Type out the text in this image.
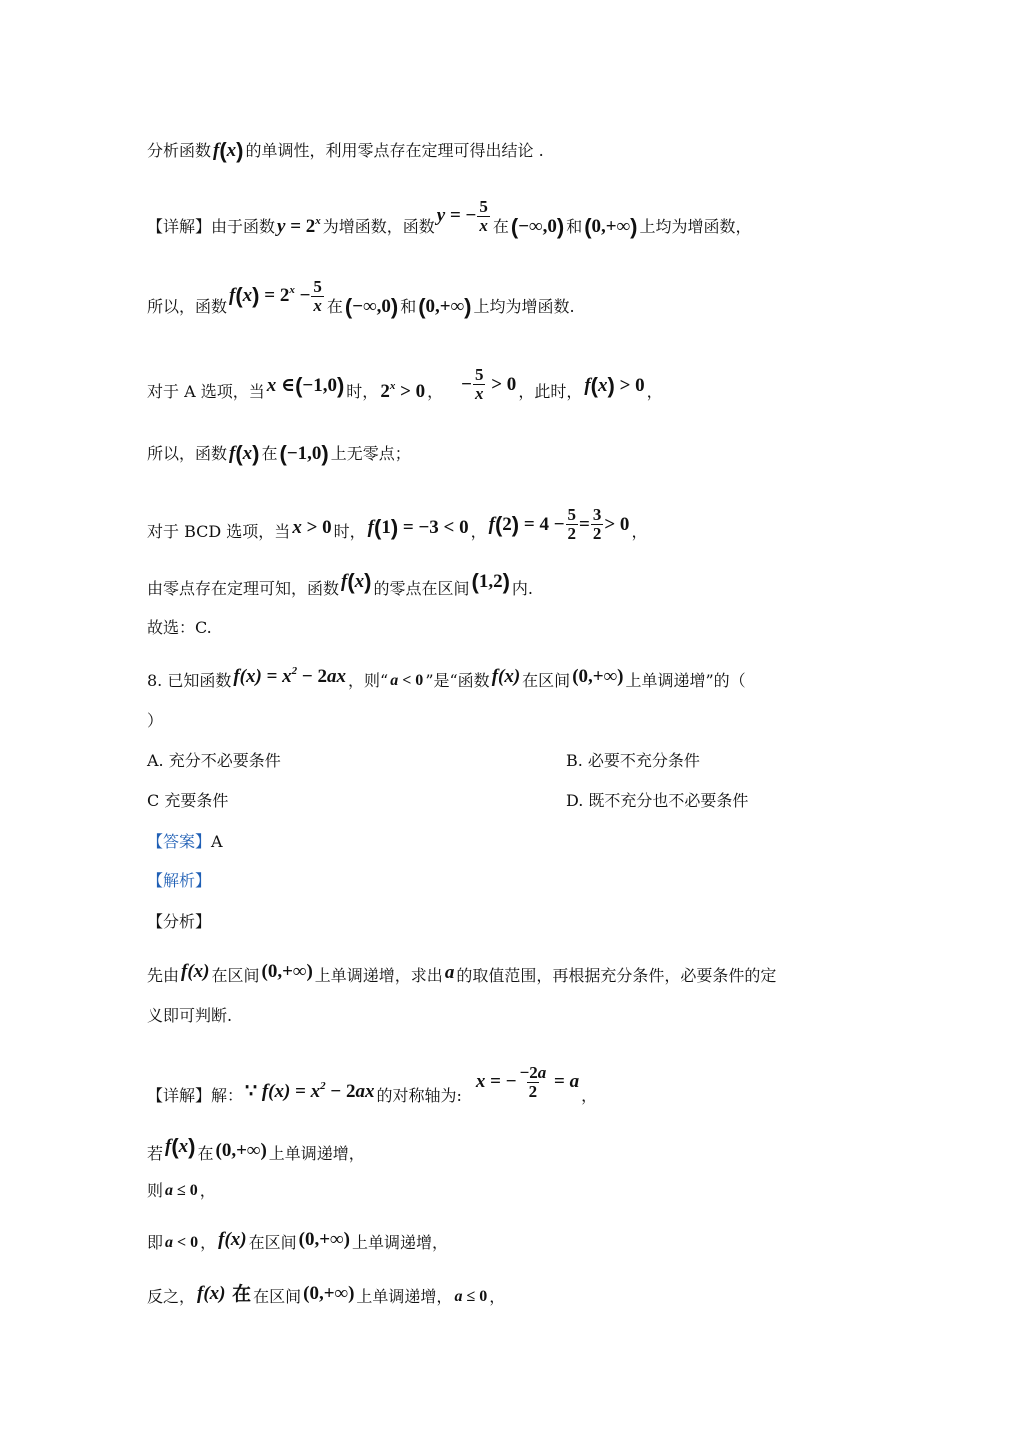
分析函数 f ( x ) 的单调性，利用零点存在定理可得出结论 .
【详解】由于函数 y =
2$^x$ 为增函数，函数
y = − $\frac{5}{x}$ 在 ( −∞,0 ) 和 ( 0,+∞ ) 上均为增函数，
所以，函数
f ( x )
= $2^x$
− $\frac{5}{x}$ 在 ( −∞,0 ) 和 ( 0,+∞ ) 上均为增函数.
对于 A 选项，当 x ∈ ( −1,0 ) 时， 2$^x$
> 0 ， − $\frac{5}{x} > 0$ ，此时， f ( x ) > 0 ，
所以，函数 f ( x ) 在 ( −1,0 ) 上无零点；
对于 BCD 选项，当 x > 0 时， f ( 1 ) = −3 < 0 ， f ( 2 ) = $4 - \frac{5}{2} = \frac{3}{2} > 0$ ，
由零点存在定理可知，函数 f ( x ) 的零点在区间 ( 1,2 ) 内.
故选：C.
8. 已知函数 $f(x) = x^2 - 2$ ax ，则“ a < 0 ”是“函数 f(x) 在区间 (0,+∞) 上单调递增”的（
）
A. 充分不必要条件	B. 必要不充分条件
C 充要条件	D. 既不充分也不必要条件
【答案】 A
【解析】
【分析】
先由 f(x) 在区间 (0,+∞) 上单调递增，求出 a 的取值范围，再根据充分条件，必要条件的定
义即可判断.
【详解】解： ∵ $f(x) = x^2 - 2$ ax 的对称轴为:
x = − $\frac{-2a}{2} = a$
，
若 f ( x ) 在 (0,+∞) 上单调递增，
则 a ≤ 0 ，
即 a < 0 ， f(x) 在区间 (0,+∞) 上单调递增，
反之， f(x) 在 在区间 (0,+∞) 上单调递增， a ≤ 0 ，
